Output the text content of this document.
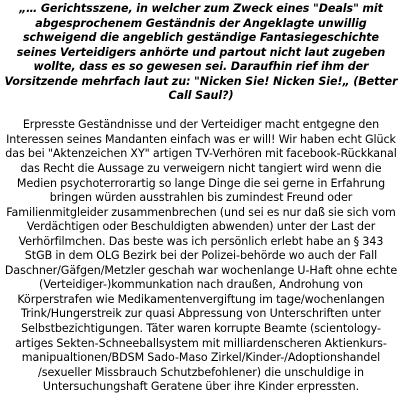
„… Gerichtsszene, in welcher zum Zweck eines "Deals" mit abgesprochenem Geständnis der Angeklagte unwillig schweigend die angeblich geständige Fantasiegeschichte seines Verteidigers anhörte und partout nicht laut zugeben wollte, dass es so gewesen sei. Daraufhin rief ihm der Vorsitzende mehrfach laut zu: "Nicken Sie! Nicken Sie!„ (Better Call Saul?)

Erpresste Geständnisse und der Verteidiger macht entgegne den Interessen seines Mandanten einfach was er will! Wir haben echt Glück das bei "Aktenzeichen XY" artigen TV-Verhören mit facebook-Rückkanal das Recht die Aussage zu verweigern nicht tangiert wird wenn die Medien psychoterrorartig so lange Dinge die sei gerne in Erfahrung bringen würden ausstrahlen bis zumindest Freund oder Familienmitgleider zusammenbrechen (und sei es nur daß sie sich vom Verdächtigen oder Beschuldigten abwenden) unter der Last der Verhörfilmchen. Das beste was ich persönlich erlebt habe an § 343 StGB in dem OLG Bezirk bei der Polizei-behörde wo auch der Fall Daschner/Gäfgen/Metzler geschah war wochenlange U-Haft ohne echte (Verteidiger-)kommunkation nach draußen, Androhung von Körperstrafen wie Medikamentenvergiftung im tage/wochenlangen Trink/Hungerstreik zur quasi Abpressung von Unterschriften unter Selbstbezichtigungen. Täter waren korrupte Beamte (scientology-artiges Sekten-Schneeballsystem mit milliardenscheren Aktienkurs-manipualtionen/BDSM Sado-Maso Zirkel/Kinder-/Adoptionshandel /sexueller Missbrauch Schutzbefohlener) die unschuldige in Untersuchungshaft Geratene über ihre Kinder erpressten.
